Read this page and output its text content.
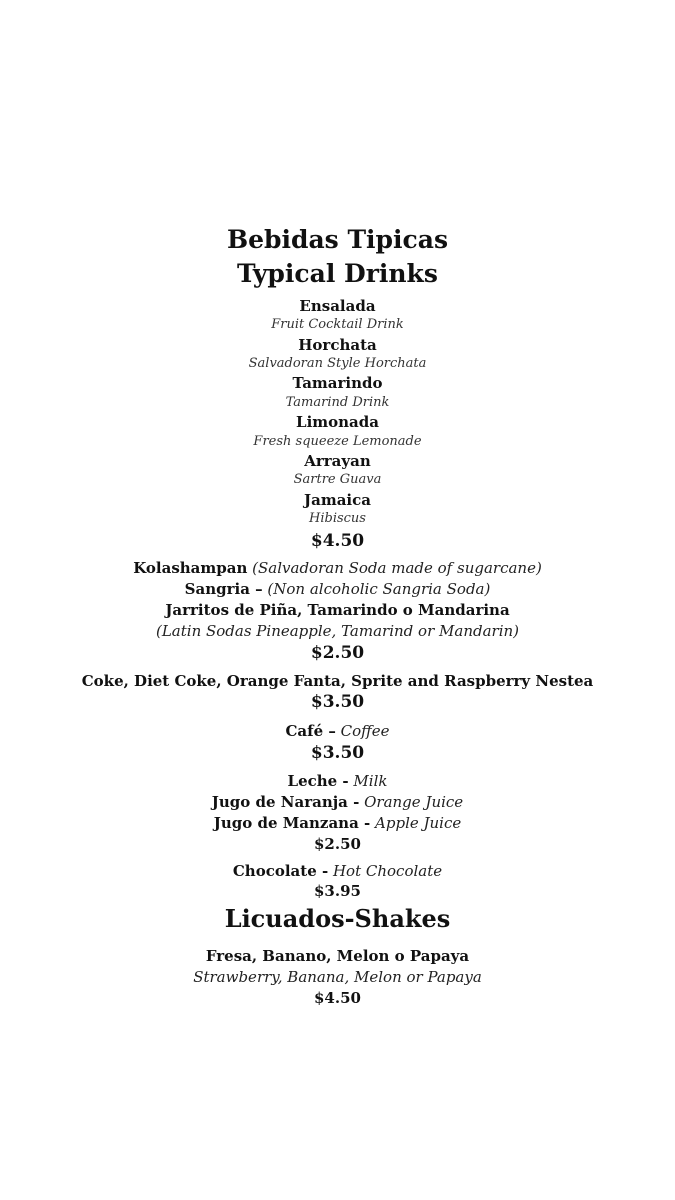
Bebidas Tipicas
Typical Drinks
Ensalada
Fruit Cocktail Drink
Horchata
Salvadoran Style Horchata
Tamarindo
Tamarind Drink
Limonada
Fresh squeeze Lemonade
Arrayan
Sartre Guava
Jamaica
Hibiscus
$4.50
Kolashampan (Salvadoran Soda made of sugarcane)
Sangria – (Non alcoholic Sangria Soda)
Jarritos de Piña, Tamarindo o Mandarina
(Latin Sodas Pineapple, Tamarind or Mandarin)
$2.50
Coke, Diet Coke, Orange Fanta, Sprite and Raspberry Nestea
$3.50
Café – Coffee
$3.50
Leche - Milk
Jugo de Naranja - Orange Juice
Jugo de Manzana - Apple Juice
$2.50
Chocolate - Hot Chocolate
$3.95
Licuados-Shakes
Fresa, Banano, Melon o Papaya
Strawberry, Banana, Melon or Papaya
$4.50
